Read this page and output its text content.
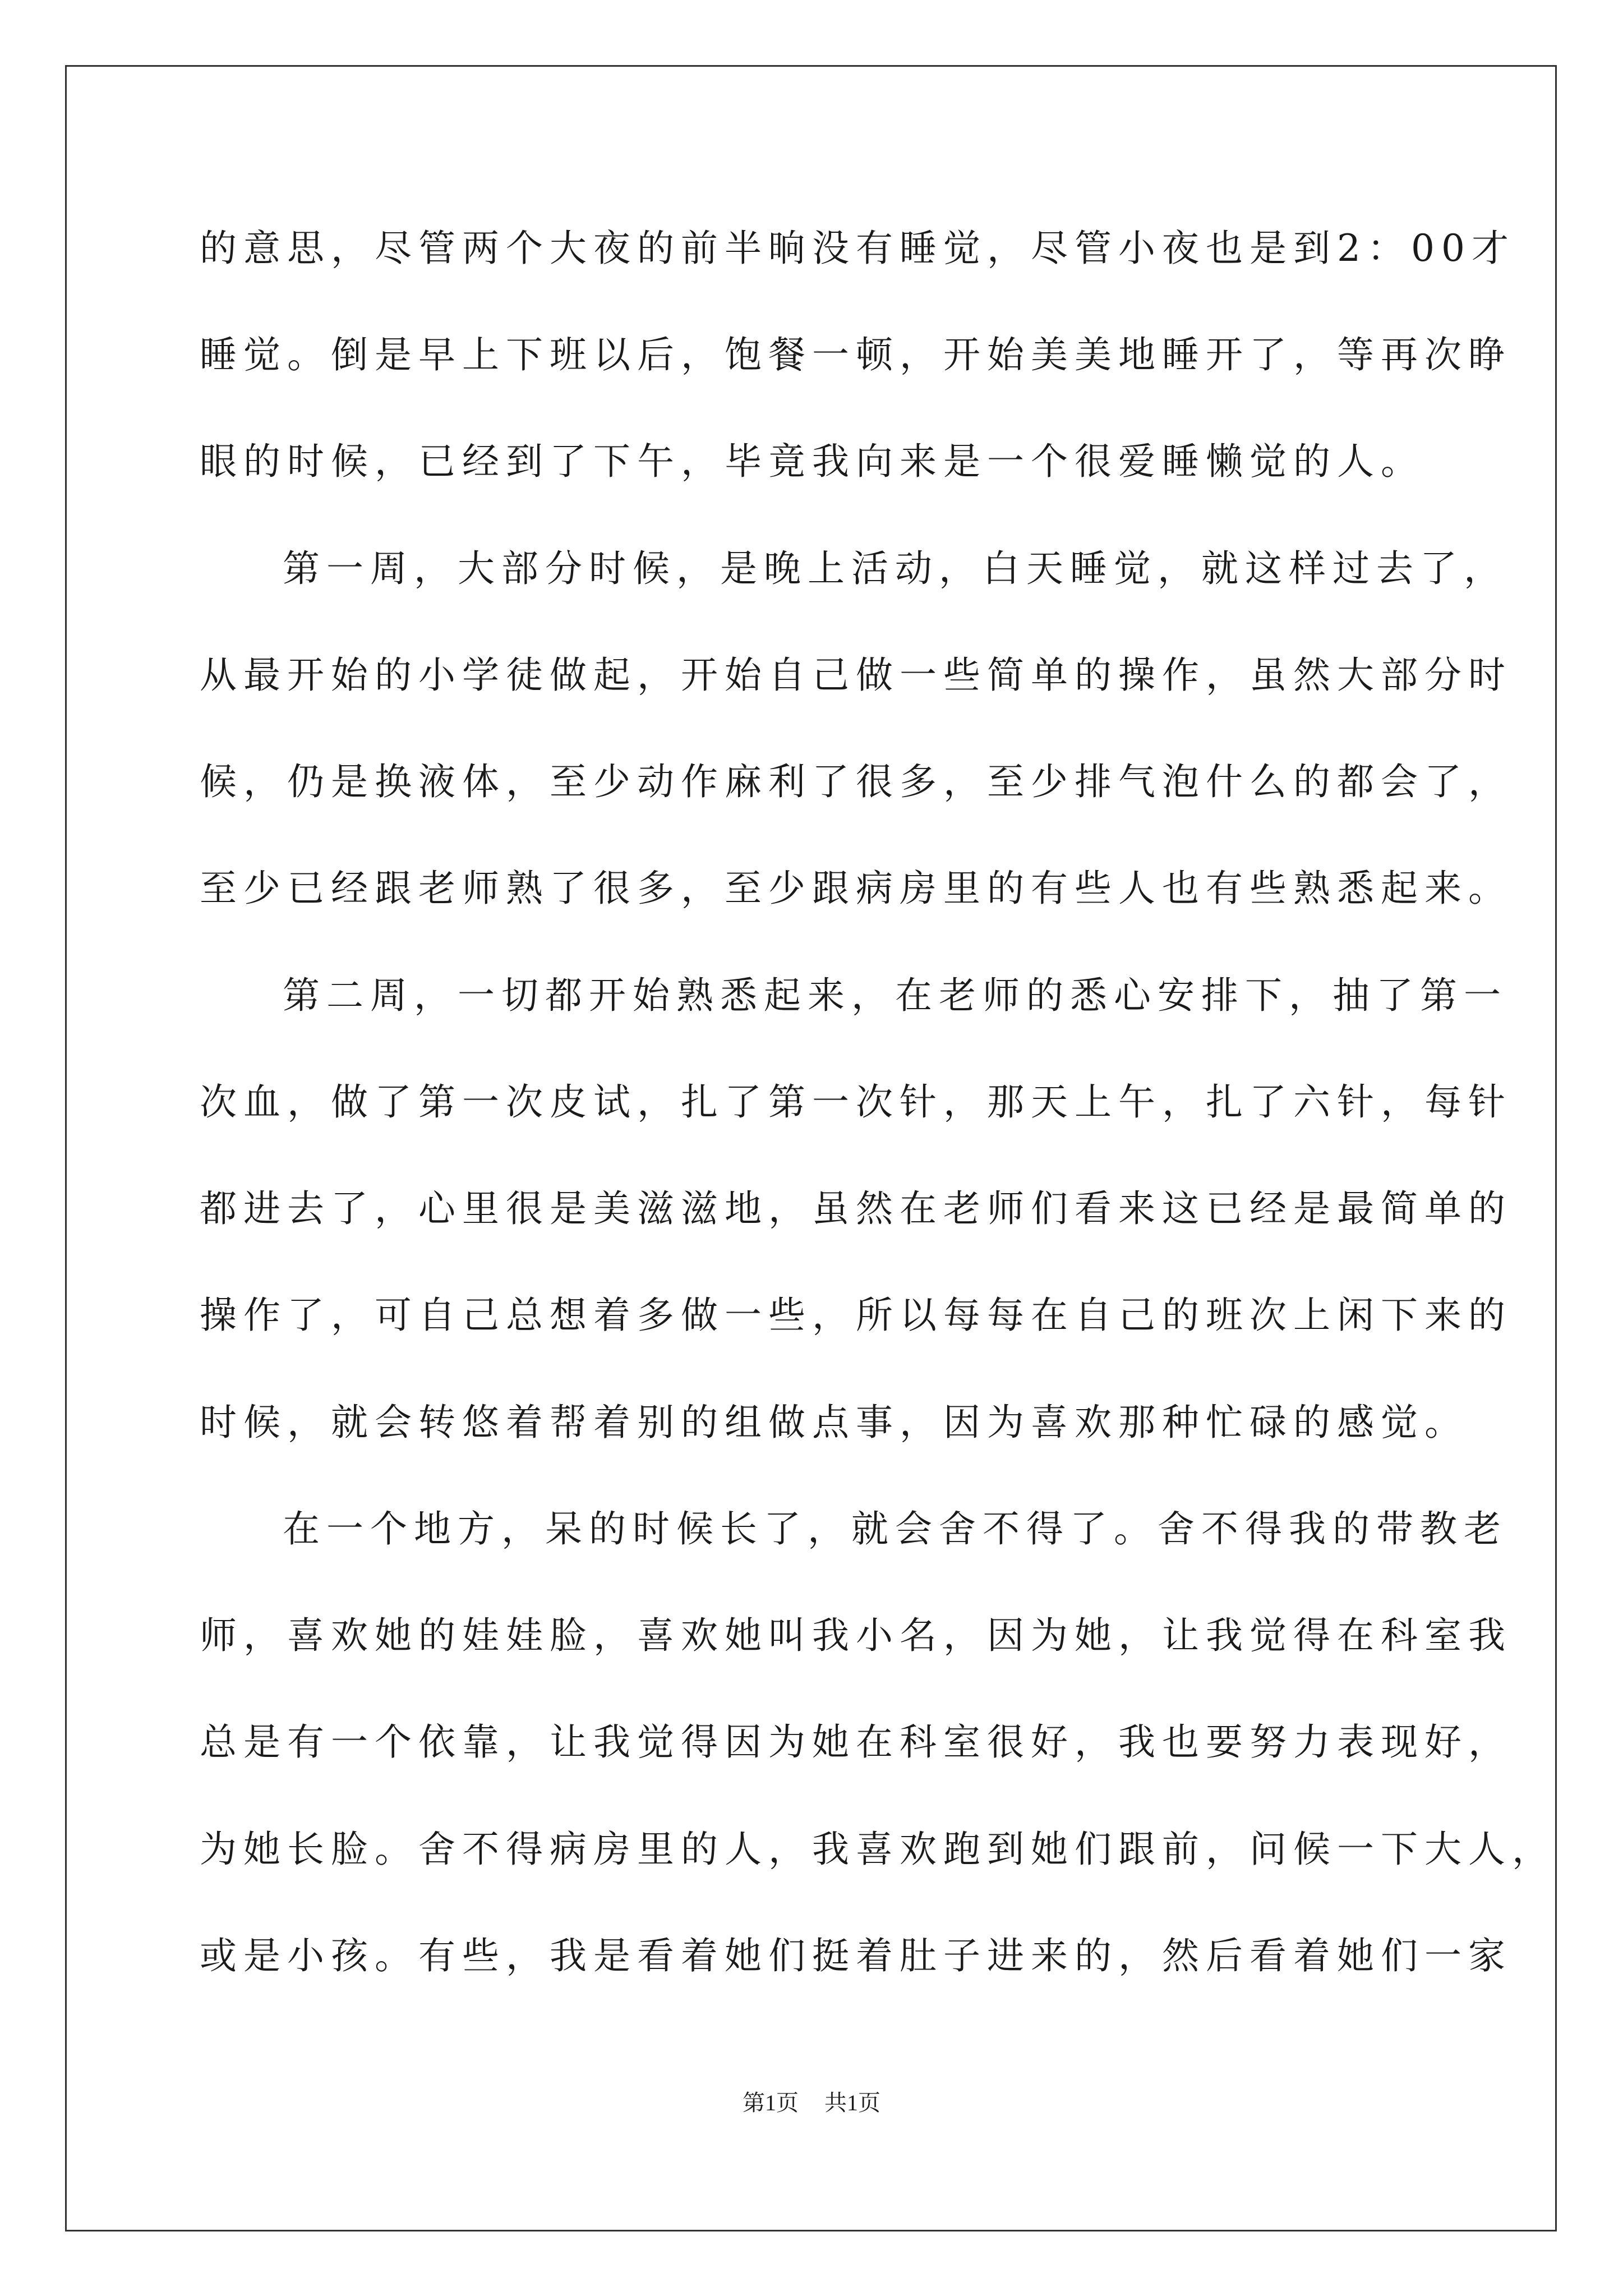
的意思，尽管两个大夜的前半晌没有睡觉，尽管小夜也是到2：00才
睡觉。倒是早上下班以后，饱餐一顿，开始美美地睡开了，等再次睁
眼的时候，已经到了下午，毕竟我向来是一个很爱睡懒觉的人。
第一周，大部分时候，是晚上活动，白天睡觉，就这样过去了，
从最开始的小学徒做起，开始自己做一些简单的操作，虽然大部分时
候，仍是换液体，至少动作麻利了很多，至少排气泡什么的都会了，
至少已经跟老师熟了很多，至少跟病房里的有些人也有些熟悉起来。
第二周，一切都开始熟悉起来，在老师的悉心安排下，抽了第一
次血，做了第一次皮试，扎了第一次针，那天上午，扎了六针，每针
都进去了，心里很是美滋滋地，虽然在老师们看来这已经是最简单的
操作了，可自己总想着多做一些，所以每每在自己的班次上闲下来的
时候，就会转悠着帮着别的组做点事，因为喜欢那种忙碌的感觉。
在一个地方，呆的时候长了，就会舍不得了。舍不得我的带教老
师，喜欢她的娃娃脸，喜欢她叫我小名，因为她，让我觉得在科室我
总是有一个依靠，让我觉得因为她在科室很好，我也要努力表现好，
为她长脸。舍不得病房里的人，我喜欢跑到她们跟前，问候一下大人，
或是小孩。有些，我是看着她们挺着肚子进来的，然后看着她们一家
第1页 共1页
